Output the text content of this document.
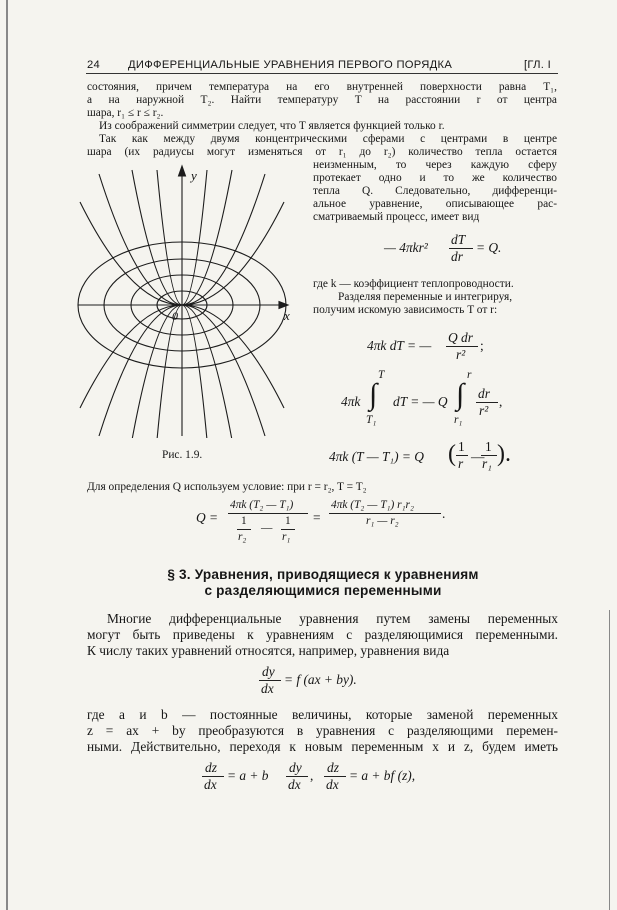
24 ДИФФЕРЕНЦИАЛЬНЫЕ УРАВНЕНИЯ ПЕРВОГО ПОРЯДКА	[ГЛ. I
состояния, причем температура на его внутренней поверхности равна T₁,
а на наружной T₂. Найти температуру T на расстоянии r от центра
шара, r₁ ≤ r ≤ r₂.
Из соображений симметрии следует, что T является функцией только r.
Так как между двумя концентрическими сферами с центрами в центре
шара (их радиусы могут изменяться от r₁ до r₂) количество тепла остается
неизменным, то через каждую сферу
протекает одно и то же количество
тепла Q. Следовательно, дифференци-
альное уравнение, описывающее рас-
сматриваемый процесс, имеет вид
— 4πkr²
dT
dr
= Q.
где k — коэффициент теплопроводности.
Разделяя переменные и интегрируя,
получим искомую зависимость T от r:
4πk dT = —
Q dr
r²
;
4πk ∫
T
T₁
dT = — Q ∫
r
r₁
dr
r²
,
Рис. 1.9.	4πk (T — T₁) = Q ( 1
r —
1
r₁ ).
Для определения Q используем условие: при r = r₂, T = T₂
Q =
4πk (T₂ — T₁)
1
r₂
—
1
r₁
=
4πk (T₂ — T₁) r₁r₂
r₁ — r₂	.
§ 3. Уравнения, приводящиеся к уравнениям
с разделяющимися переменными
Многие дифференциальные уравнения путем замены переменных
могут быть приведены к уравнениям с разделяющимися переменными.
К числу таких уравнений относятся, например, уравнения вида
dy
dx
= f (ax + by).
где a и b — постоянные величины, которые заменой переменных
z = ax + by преобразуются в уравнения с разделяющими перемен-
ными. Действительно, переходя к новым переменным x и z, будем иметь
dz
dx
= a + b
dy
dx
,
dz
dx
= a + bf (z),
y
x
0
